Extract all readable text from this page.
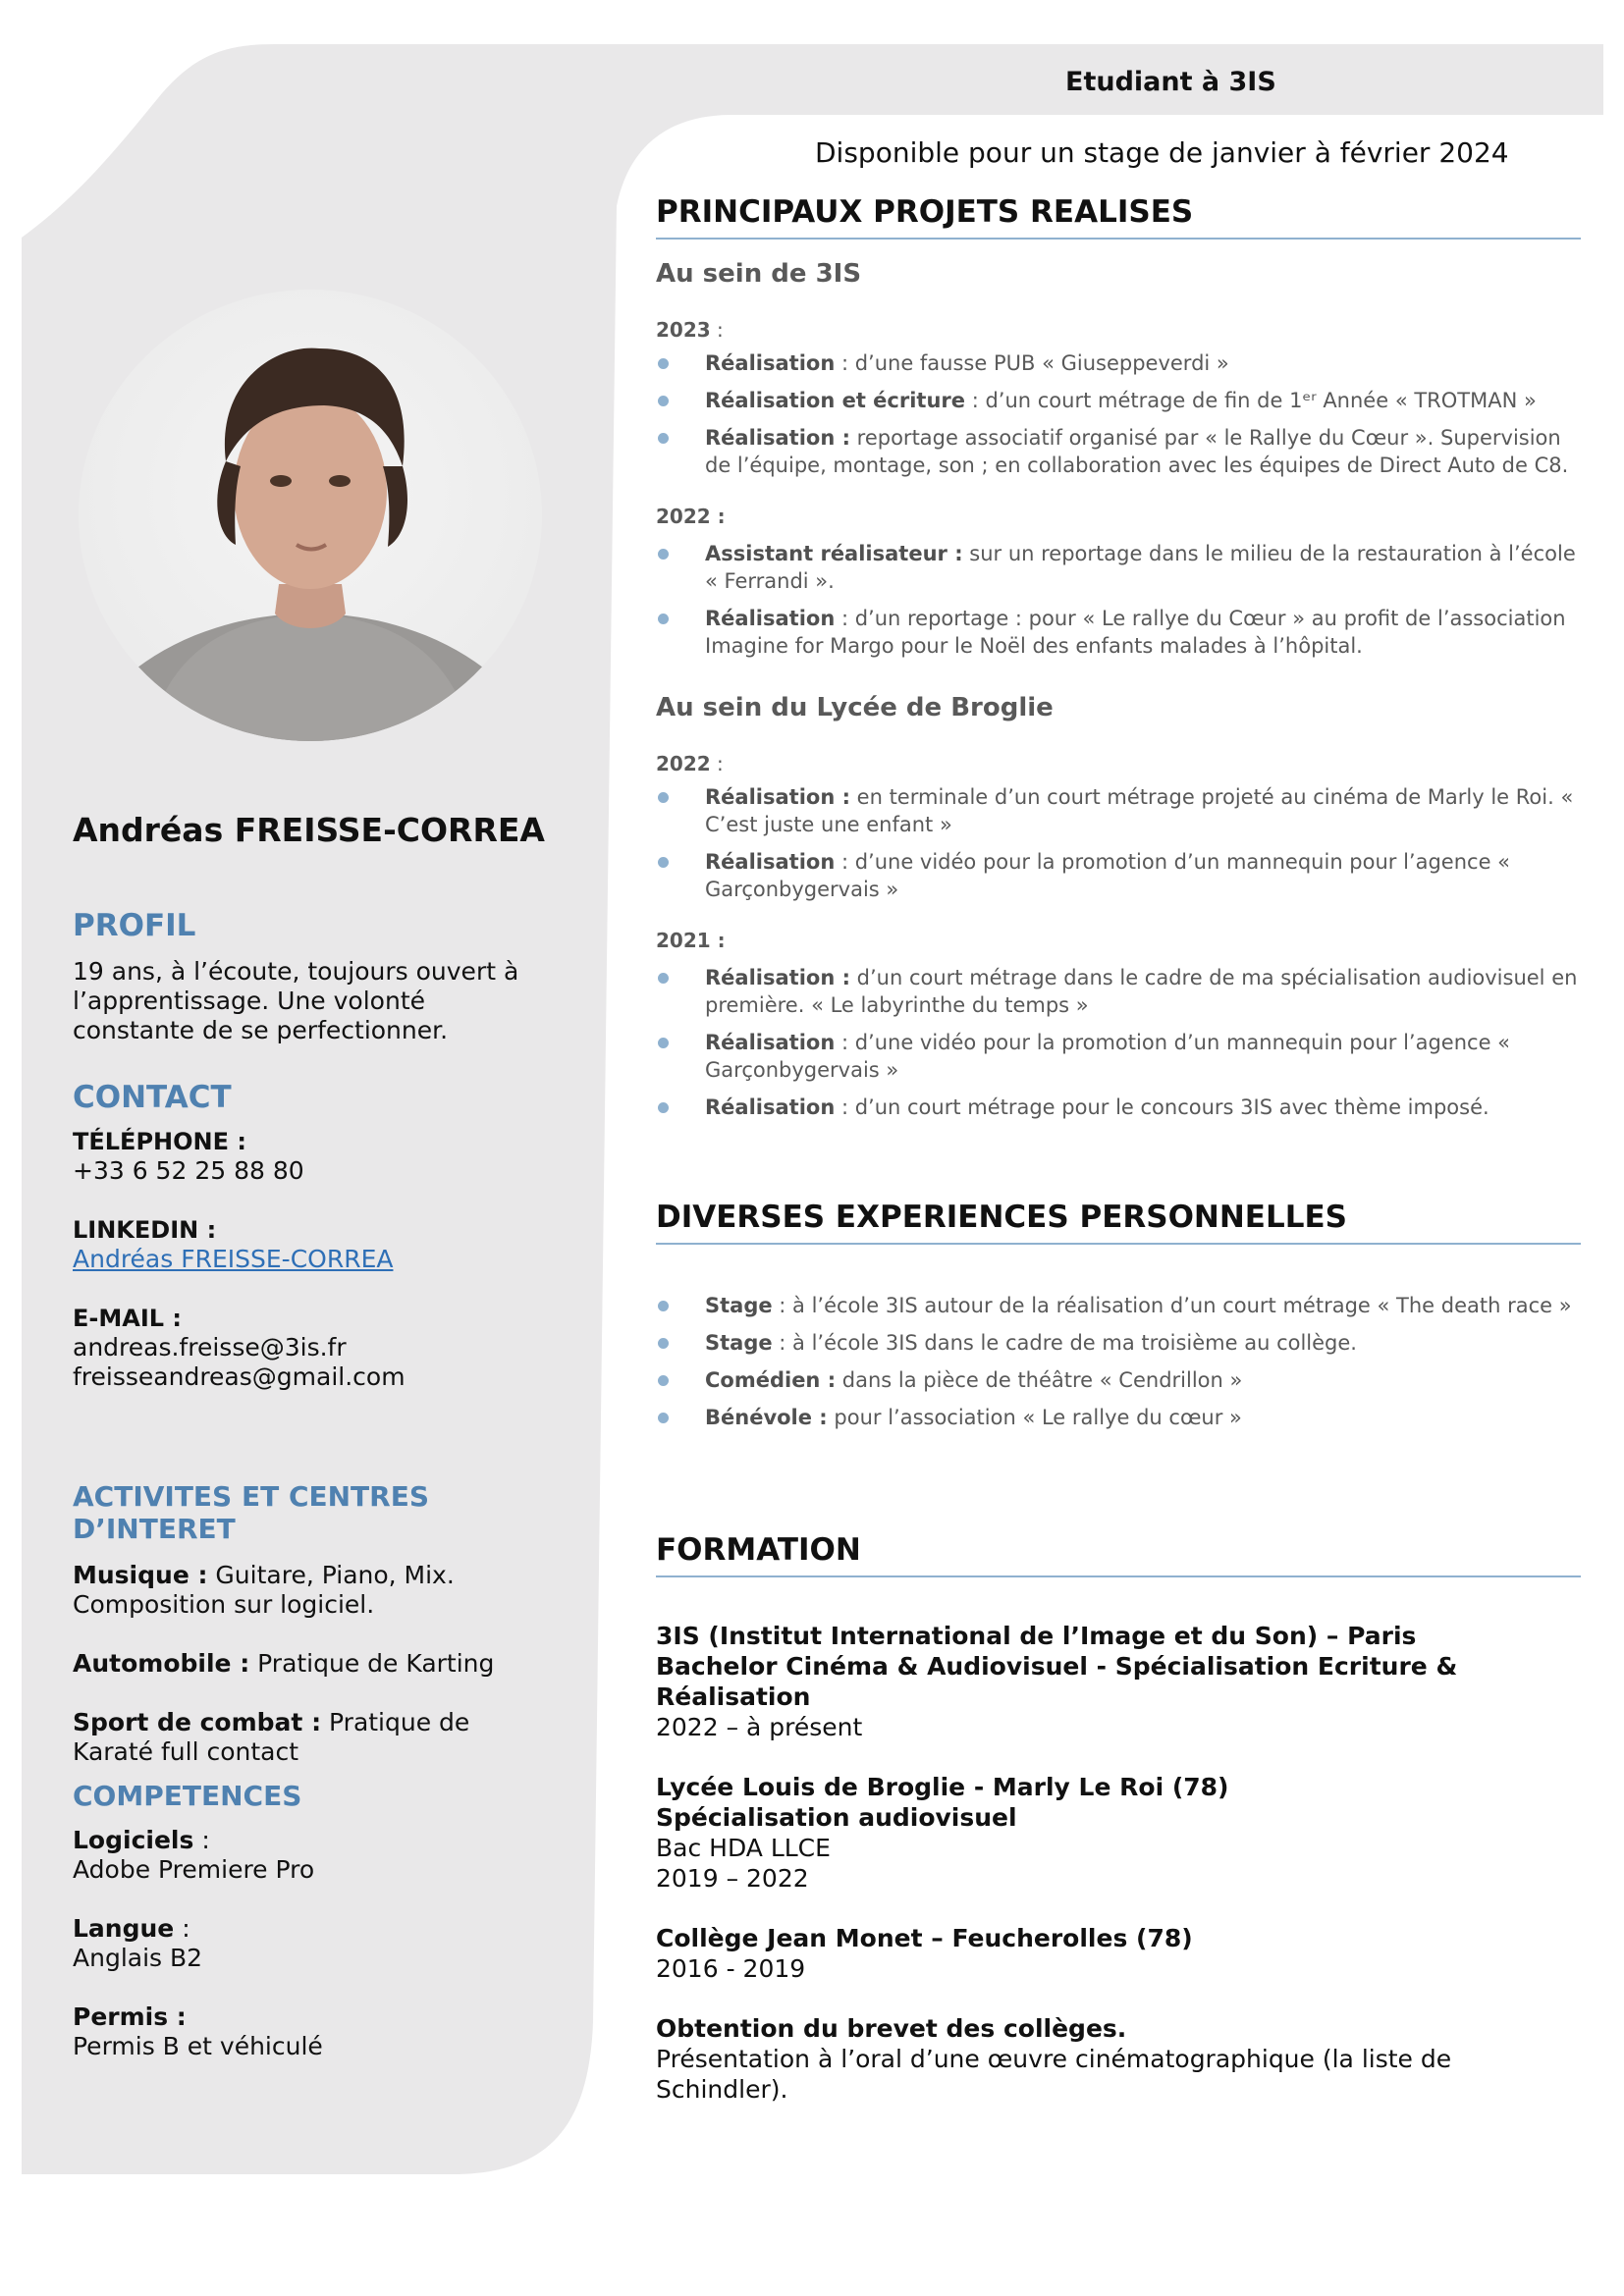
Etudiant à 3IS
Disponible pour un stage de janvier à février 2024
Andréas FREISSE-CORREA
PROFIL

19 ans, à l’écoute, toujours ouvert à l’apprentissage. Une volonté constante de se perfectionner.

CONTACT

TÉLÉPHONE :

+33 6 52 25 88 80

LINKEDIN :

Andréas FREISSE-CORREA

E-MAIL :

andreas.freisse@3is.fr

freisseandreas@gmail.com

ACTIVITES ET CENTRES D’INTERET

Musique : Guitare, Piano, Mix. Composition sur logiciel.

Automobile : Pratique de Karting

Sport de combat : Pratique de Karaté full contact

COMPETENCES

Logiciels :

Adobe Premiere Pro

Langue :

Anglais B2

Permis :

Permis B et véhiculé

PRINCIPAUX PROJETS REALISES
Au sein de 3IS

2023 :

Réalisation : d’une fausse PUB « Giuseppeverdi »
Réalisation et écriture : d’un court métrage de fin de 1ᵉʳ Année « TROTMAN »
Réalisation : reportage associatif organisé par « le Rallye du Cœur ». Supervision de l’équipe, montage, son ; en collaboration avec les équipes de Direct Auto de C8.

2022 :

Assistant réalisateur : sur un reportage dans le milieu de la restauration à l’école « Ferrandi ».
Réalisation : d’un reportage : pour « Le rallye du Cœur » au profit de l’association Imagine for Margo pour le Noël des enfants malades à l’hôpital.
Au sein du Lycée de Broglie

2022 :

Réalisation : en terminale d’un court métrage projeté au cinéma de Marly le Roi. « C’est juste une enfant »
Réalisation : d’une vidéo pour la promotion d’un mannequin pour l’agence « Garçonbygervais »

2021 :

Réalisation : d’un court métrage dans le cadre de ma spécialisation audiovisuel en première. « Le labyrinthe du temps »
Réalisation : d’une vidéo pour la promotion d’un mannequin pour l’agence « Garçonbygervais »
Réalisation : d’un court métrage pour le concours 3IS avec thème imposé.
DIVERSES EXPERIENCES PERSONNELLES
Stage : à l’école 3IS autour de la réalisation d’un court métrage « The death race »
Stage : à l’école 3IS dans le cadre de ma troisième au collège.
Comédien : dans la pièce de théâtre « Cendrillon »
Bénévole : pour l’association « Le rallye du cœur »
FORMATION

3IS (Institut International de l’Image et du Son) – Paris

Bachelor Cinéma & Audiovisuel - Spécialisation Ecriture & Réalisation

2022 – à présent

Lycée Louis de Broglie - Marly Le Roi (78)

Spécialisation audiovisuel

Bac HDA LLCE

2019 – 2022

Collège Jean Monet – Feucherolles (78)

2016 - 2019

Obtention du brevet des collèges.

Présentation à l’oral d’une œuvre cinématographique (la liste de Schindler).
